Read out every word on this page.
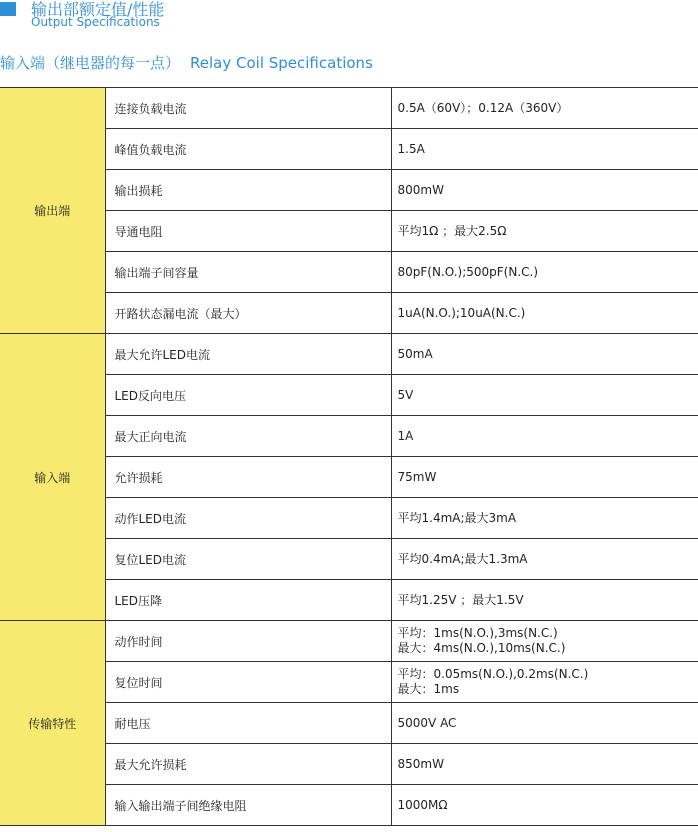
输出部额定值/性能
Output Specifications
输入端（继电器的每一点） Relay Coil Specifications
输出端	连接负载电流	0.5A（60V）；0.12A（360V）

	峰值负载电流	1.5A

	输出损耗	800mW

	导通电阻	平均1Ω ；最大2.5Ω

	输出端子间容量	80pF(N.O.);500pF(N.C.)

	开路状态漏电流（最大）	1uA(N.O.);10uA(N.C.)

输入端	最大允许LED电流	50mA

	LED反向电压	5V

	最大正向电流	1A

	允许损耗	75mW

	动作LED电流	平均1.4mA;最大3mA

	复位LED电流	平均0.4mA;最大1.3mA

	LED压降	平均1.25V ；最大1.5V

传输特性	动作时间	平均：1ms(N.O.),3ms(N.C.)
最大：4ms(N.O.),10ms(N.C.)

	复位时间	平均：0.05ms(N.O.),0.2ms(N.C.)
最大：1ms

	耐电压	5000V AC

	最大允许损耗	850mW

	输入输出端子间绝缘电阻	1000MΩ
